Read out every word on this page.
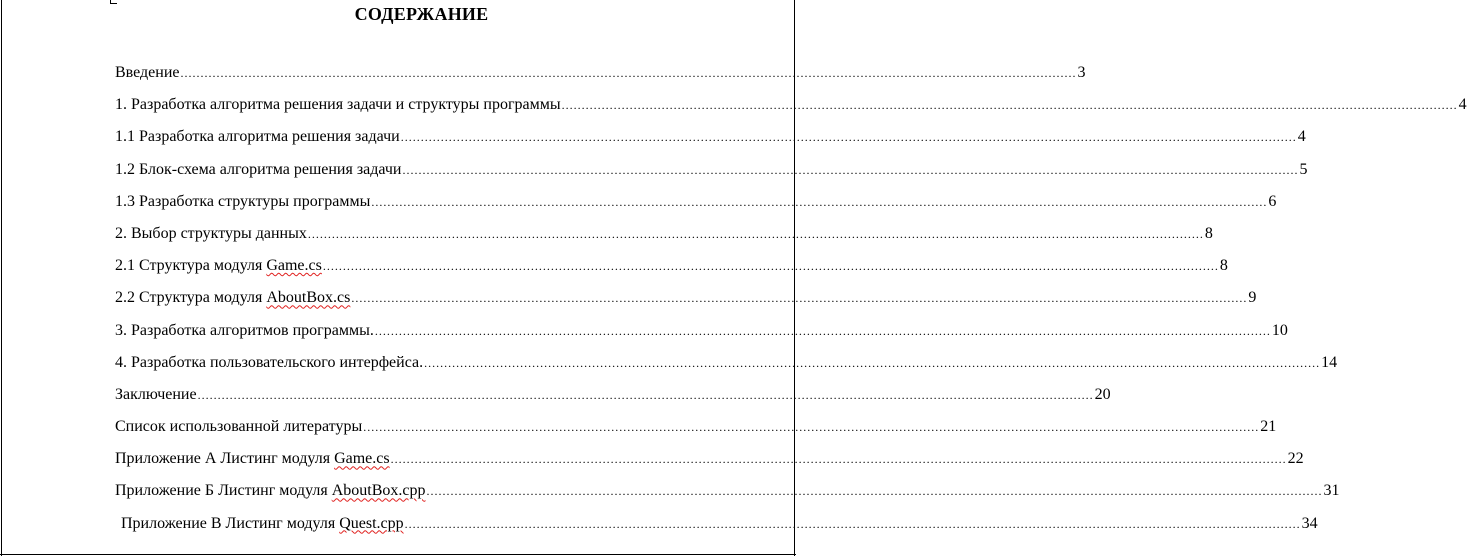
СОДЕРЖАНИЕ
Введение ................................................................................................................................................................................................................................ 3
1. Разработка алгоритма решения задачи и структуры программы ................................................................................................................................................................................................................................ 4
1.1 Разработка алгоритма решения задачи ................................................................................................................................................................................................................................ 4
1.2 Блок-схема алгоритма решения задачи ................................................................................................................................................................................................................................ 5
1.3 Разработка структуры программы ................................................................................................................................................................................................................................ 6
2. Выбор структуры данных ................................................................................................................................................................................................................................ 8
2.1 Структура модуля Game.cs ................................................................................................................................................................................................................................ 8
2.2 Структура модуля AboutBox.cs ................................................................................................................................................................................................................................ 9
3. Разработка алгоритмов программы. ................................................................................................................................................................................................................................ 10
4. Разработка пользовательского интерфейса. ................................................................................................................................................................................................................................ 14
Заключение ................................................................................................................................................................................................................................ 20
Список использованной литературы ................................................................................................................................................................................................................................ 21
Приложение А Листинг модуля Game.cs ................................................................................................................................................................................................................................ 22
Приложение Б Листинг модуля AboutBox.cpp ................................................................................................................................................................................................................................ 31
Приложение В Листинг модуля Quest.cpp ................................................................................................................................................................................................................................ 34
